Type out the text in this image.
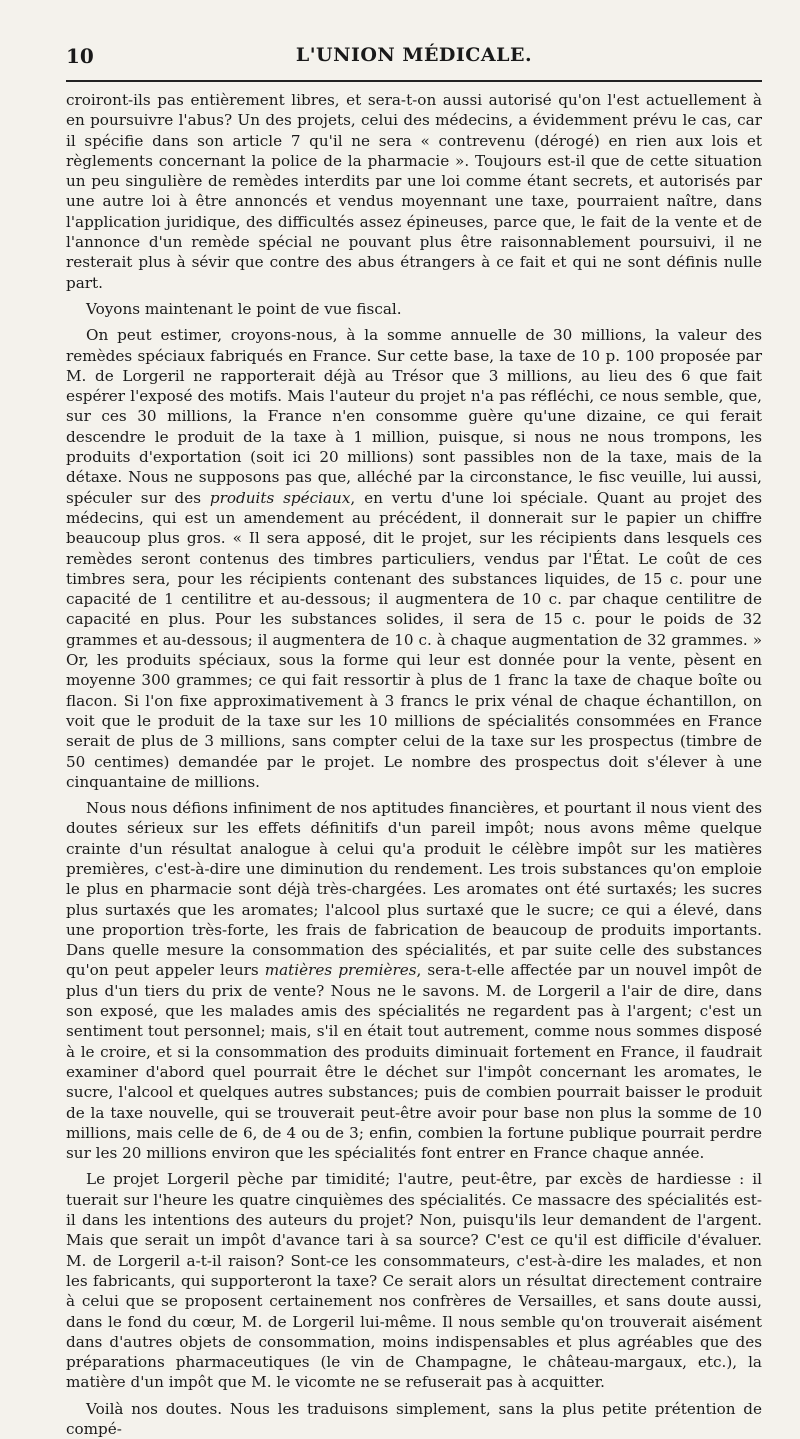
10	L'UNION MÉDICALE.

croiront-ils pas entièrement libres, et sera-t-on aussi autorisé qu'on l'est actuellement à en poursuivre l'abus? Un des projets, celui des médecins, a évidemment prévu le cas, car il spécifie dans son article 7 qu'il ne sera « contrevenu (dérogé) en rien aux lois et règlements concernant la police de la pharmacie ». Toujours est-il que de cette situation un peu singulière de remèdes interdits par une loi comme étant secrets, et autorisés par une autre loi à être annoncés et vendus moyennant une taxe, pourraient naître, dans l'application juridique, des difficultés assez épineuses, parce que, le fait de la vente et de l'annonce d'un remède spécial ne pouvant plus être raisonnablement poursuivi, il ne resterait plus à sévir que contre des abus étrangers à ce fait et qui ne sont définis nulle part.

Voyons maintenant le point de vue fiscal.

On peut estimer, croyons-nous, à la somme annuelle de 30 millions, la valeur des remèdes spéciaux fabriqués en France. Sur cette base, la taxe de 10 p. 100 proposée par M. de Lorgeril ne rapporterait déjà au Trésor que 3 millions, au lieu des 6 que fait espérer l'exposé des motifs. Mais l'auteur du projet n'a pas réfléchi, ce nous semble, que, sur ces 30 millions, la France n'en consomme guère qu'une dizaine, ce qui ferait descendre le produit de la taxe à 1 million, puisque, si nous ne nous trompons, les produits d'exportation (soit ici 20 millions) sont passibles non de la taxe, mais de la détaxe. Nous ne supposons pas que, alléché par la circonstance, le fisc veuille, lui aussi, spéculer sur des produits spéciaux, en vertu d'une loi spéciale. Quant au projet des médecins, qui est un amendement au précédent, il donnerait sur le papier un chiffre beaucoup plus gros. « Il sera apposé, dit le projet, sur les récipients dans lesquels ces remèdes seront contenus des timbres particuliers, vendus par l'État. Le coût de ces timbres sera, pour les récipients contenant des substances liquides, de 15 c. pour une capacité de 1 centilitre et au-dessous; il augmentera de 10 c. par chaque centilitre de capacité en plus. Pour les substances solides, il sera de 15 c. pour le poids de 32 grammes et au-dessous; il augmentera de 10 c. à chaque augmentation de 32 grammes. » Or, les produits spéciaux, sous la forme qui leur est donnée pour la vente, pèsent en moyenne 300 grammes; ce qui fait ressortir à plus de 1 franc la taxe de chaque boîte ou flacon. Si l'on fixe approximativement à 3 francs le prix vénal de chaque échantillon, on voit que le produit de la taxe sur les 10 millions de spécialités consommées en France serait de plus de 3 millions, sans compter celui de la taxe sur les prospectus (timbre de 50 centimes) demandée par le projet. Le nombre des prospectus doit s'élever à une cinquantaine de millions.

Nous nous défions infiniment de nos aptitudes financières, et pourtant il nous vient des doutes sérieux sur les effets définitifs d'un pareil impôt; nous avons même quelque crainte d'un résultat analogue à celui qu'a produit le célèbre impôt sur les matières premières, c'est-à-dire une diminution du rendement. Les trois substances qu'on emploie le plus en pharmacie sont déjà très-chargées. Les aromates ont été surtaxés; les sucres plus surtaxés que les aromates; l'alcool plus surtaxé que le sucre; ce qui a élevé, dans une proportion très-forte, les frais de fabrication de beaucoup de produits importants. Dans quelle mesure la consommation des spécialités, et par suite celle des substances qu'on peut appeler leurs matières premières, sera-t-elle affectée par un nouvel impôt de plus d'un tiers du prix de vente? Nous ne le savons. M. de Lorgeril a l'air de dire, dans son exposé, que les malades amis des spécialités ne regardent pas à l'argent; c'est un sentiment tout personnel; mais, s'il en était tout autrement, comme nous sommes disposé à le croire, et si la consommation des produits diminuait fortement en France, il faudrait examiner d'abord quel pourrait être le déchet sur l'impôt concernant les aromates, le sucre, l'alcool et quelques autres substances; puis de combien pourrait baisser le produit de la taxe nouvelle, qui se trouverait peut-être avoir pour base non plus la somme de 10 millions, mais celle de 6, de 4 ou de 3; enfin, combien la fortune publique pourrait perdre sur les 20 millions environ que les spécialités font entrer en France chaque année.

Le projet Lorgeril pèche par timidité; l'autre, peut-être, par excès de hardiesse : il tuerait sur l'heure les quatre cinquièmes des spécialités. Ce massacre des spécialités est-il dans les intentions des auteurs du projet? Non, puisqu'ils leur demandent de l'argent. Mais que serait un impôt d'avance tari à sa source? C'est ce qu'il est difficile d'évaluer. M. de Lorgeril a-t-il raison? Sont-ce les consommateurs, c'est-à-dire les malades, et non les fabricants, qui supporteront la taxe? Ce serait alors un résultat directement contraire à celui que se proposent certainement nos confrères de Versailles, et sans doute aussi, dans le fond du cœur, M. de Lorgeril lui-même. Il nous semble qu'on trouverait aisément dans d'autres objets de consommation, moins indispensables et plus agréables que des préparations pharmaceutiques (le vin de Champagne, le château-margaux, etc.), la matière d'un impôt que M. le vicomte ne se refuserait pas à acquitter.

Voilà nos doutes. Nous les traduisons simplement, sans la plus petite prétention de compé-
